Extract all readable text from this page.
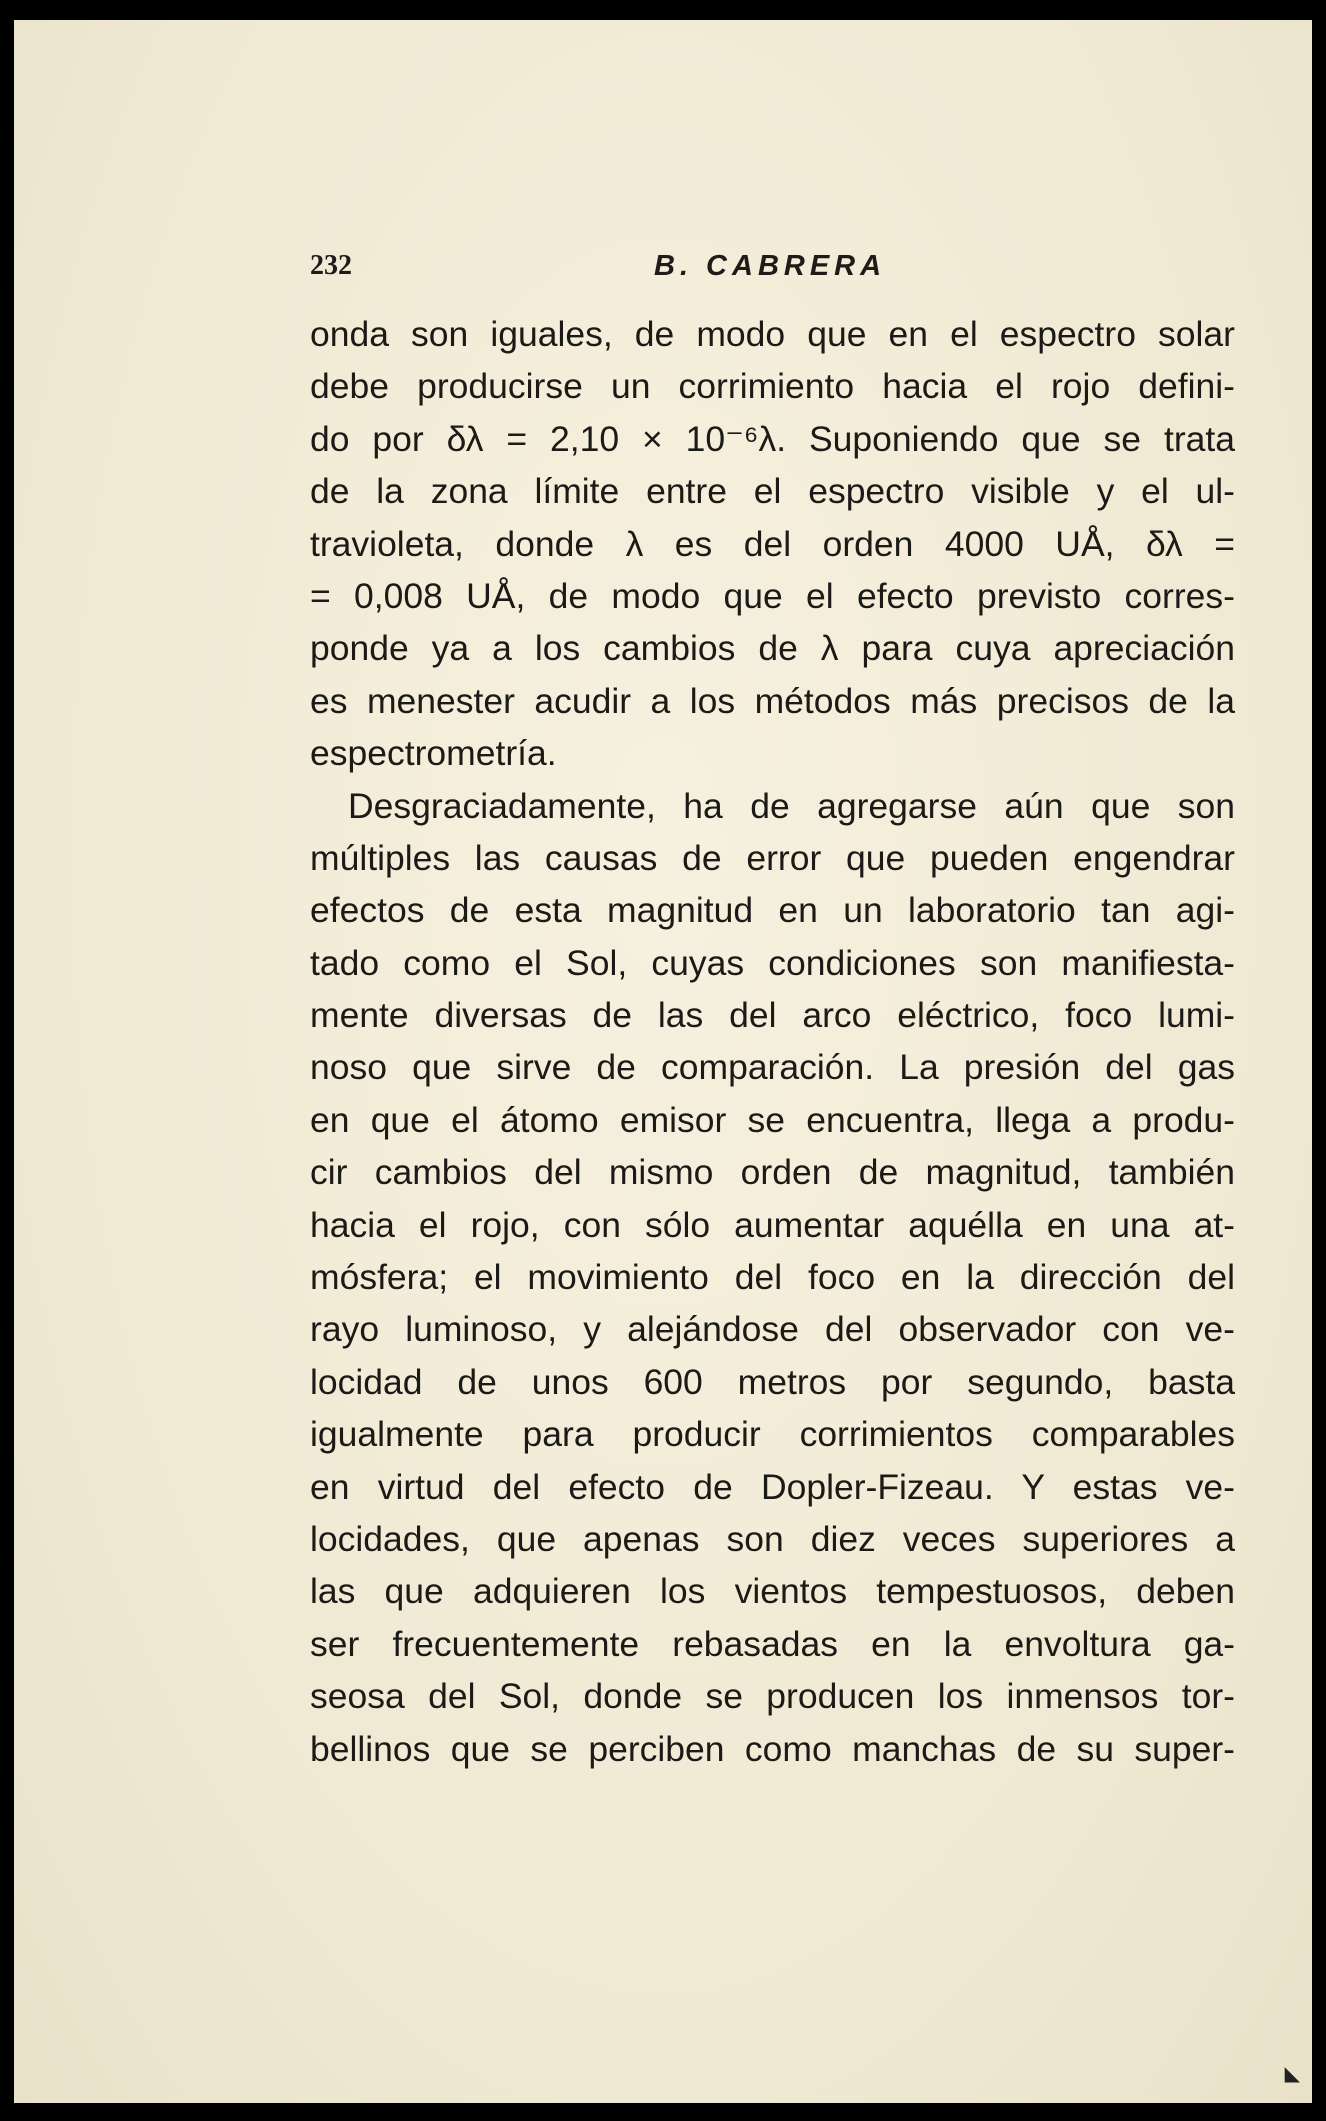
232	B. CABRERA
onda son iguales, de modo que en el espectro solar
debe producirse un corrimiento hacia el rojo defini-
do por δλ = 2,10 × 10⁻⁶λ. Suponiendo que se trata
de la zona límite entre el espectro visible y el ul-
travioleta, donde λ es del orden 4000 UÅ, δλ =
= 0,008 UÅ, de modo que el efecto previsto corres-
ponde ya a los cambios de λ para cuya apreciación
es menester acudir a los métodos más precisos de la
espectrometría.
Desgraciadamente, ha de agregarse aún que son
múltiples las causas de error que pueden engendrar
efectos de esta magnitud en un laboratorio tan agi-
tado como el Sol, cuyas condiciones son manifiesta-
mente diversas de las del arco eléctrico, foco lumi-
noso que sirve de comparación. La presión del gas
en que el átomo emisor se encuentra, llega a produ-
cir cambios del mismo orden de magnitud, también
hacia el rojo, con sólo aumentar aquélla en una at-
mósfera; el movimiento del foco en la dirección del
rayo luminoso, y alejándose del observador con ve-
locidad de unos 600 metros por segundo, basta
igualmente para producir corrimientos comparables
en virtud del efecto de Dopler-Fizeau. Y estas ve-
locidades, que apenas son diez veces superiores a
las que adquieren los vientos tempestuosos, deben
ser frecuentemente rebasadas en la envoltura ga-
seosa del Sol, donde se producen los inmensos tor-
bellinos que se perciben como manchas de su super-
◣
